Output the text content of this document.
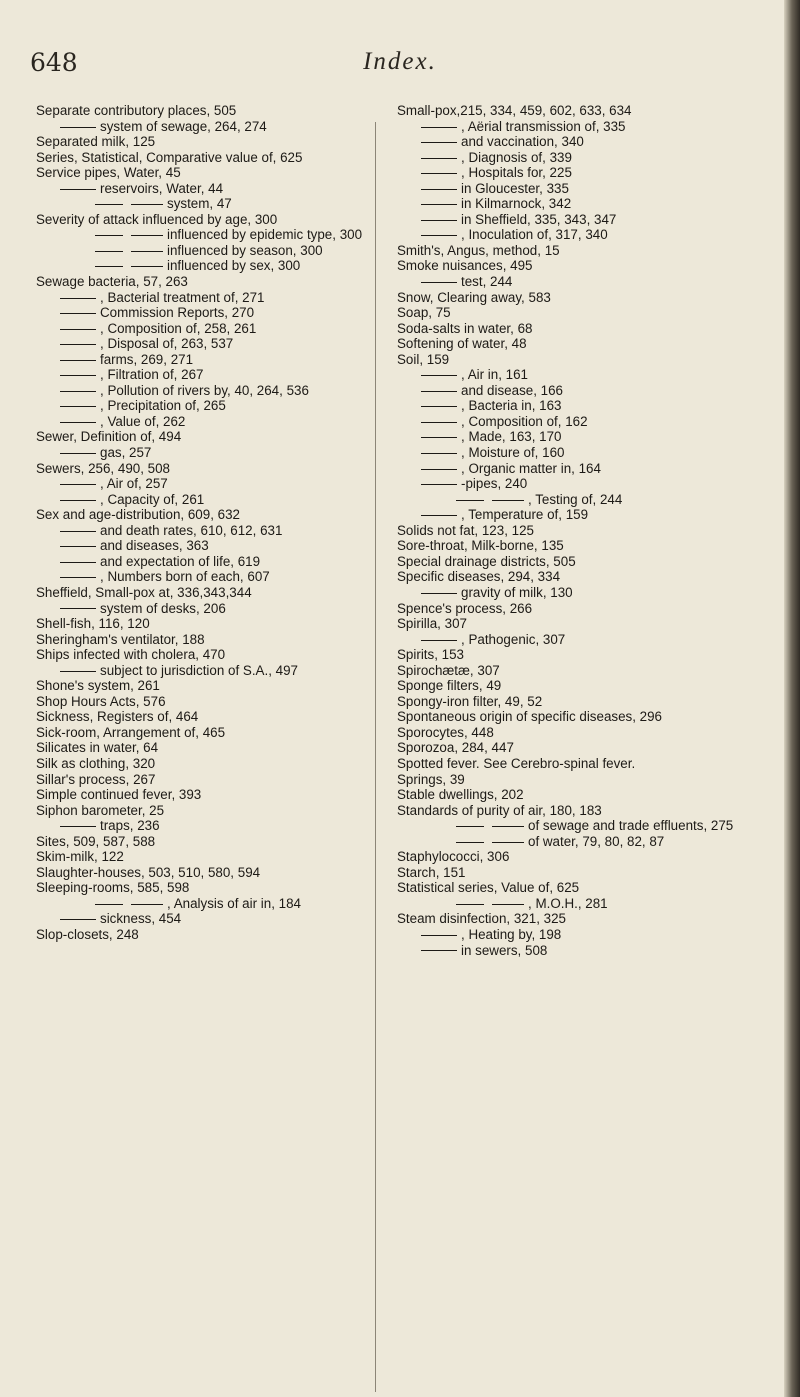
648	Index.
Separate contributory places, 505
system of sewage, 264, 274
Separated milk, 125
Series, Statistical, Comparative value of, 625
Service pipes, Water, 45
reservoirs, Water, 44
system, 47
Severity of attack influenced by age, 300
influenced by epidemic type, 300
influenced by season, 300
influenced by sex, 300
Sewage bacteria, 57, 263
, Bacterial treatment of, 271
Commission Reports, 270
, Composition of, 258, 261
, Disposal of, 263, 537
farms, 269, 271
, Filtration of, 267
, Pollution of rivers by, 40, 264, 536
, Precipitation of, 265
, Value of, 262
Sewer, Definition of, 494
gas, 257
Sewers, 256, 490, 508
, Air of, 257
, Capacity of, 261
Sex and age-distribution, 609, 632
and death rates, 610, 612, 631
and diseases, 363
and expectation of life, 619
, Numbers born of each, 607
Sheffield, Small-pox at, 336,343,344
system of desks, 206
Shell-fish, 116, 120
Sheringham's ventilator, 188
Ships infected with cholera, 470
subject to jurisdiction of S.A., 497
Shone's system, 261
Shop Hours Acts, 576
Sickness, Registers of, 464
Sick-room, Arrangement of, 465
Silicates in water, 64
Silk as clothing, 320
Sillar's process, 267
Simple continued fever, 393
Siphon barometer, 25
traps, 236
Sites, 509, 587, 588
Skim-milk, 122
Slaughter-houses, 503, 510, 580, 594
Sleeping-rooms, 585, 598
, Analysis of air in, 184
sickness, 454
Slop-closets, 248
Small-pox,215, 334, 459, 602, 633, 634
, Aërial transmission of, 335
and vaccination, 340
, Diagnosis of, 339
, Hospitals for, 225
in Gloucester, 335
in Kilmarnock, 342
in Sheffield, 335, 343, 347
, Inoculation of, 317, 340
Smith's, Angus, method, 15
Smoke nuisances, 495
test, 244
Snow, Clearing away, 583
Soap, 75
Soda-salts in water, 68
Softening of water, 48
Soil, 159
, Air in, 161
and disease, 166
, Bacteria in, 163
, Composition of, 162
, Made, 163, 170
, Moisture of, 160
, Organic matter in, 164
-pipes, 240
, Testing of, 244
, Temperature of, 159
Solids not fat, 123, 125
Sore-throat, Milk-borne, 135
Special drainage districts, 505
Specific diseases, 294, 334
gravity of milk, 130
Spence's process, 266
Spirilla, 307
, Pathogenic, 307
Spirits, 153
Spirochætæ, 307
Sponge filters, 49
Spongy-iron filter, 49, 52
Spontaneous origin of specific diseases, 296
Sporocytes, 448
Sporozoa, 284, 447
Spotted fever. See Cerebro-spinal fever.
Springs, 39
Stable dwellings, 202
Standards of purity of air, 180, 183
of sewage and trade effluents, 275
of water, 79, 80, 82, 87
Staphylococci, 306
Starch, 151
Statistical series, Value of, 625
, M.O.H., 281
Steam disinfection, 321, 325
, Heating by, 198
in sewers, 508
